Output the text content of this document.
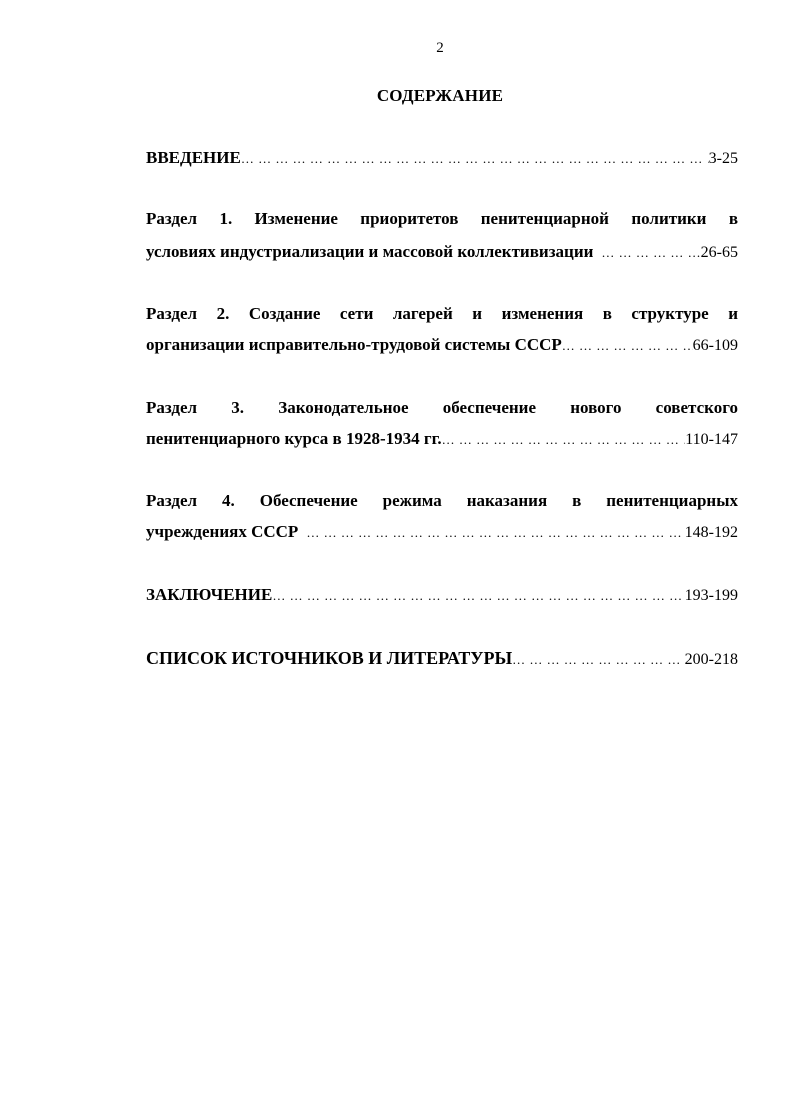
2
СОДЕРЖАНИЕ
ВВЕДЕНИЕ … … … … … … … … … … … … … … … … … … … … … … … … … … … … … … … … … … … … … … … … … … … …	3-25
Раздел 1. Изменение приоритетов пенитенциарной политики в
условиях индустриализации и массовой коллективизации … … … … … … … … … … … … … … … … … … … … … … … … … … … … … … … … … … … … … … … … … … … …	26-65
Раздел 2. Создание сети лагерей и изменения в структуре и
организации исправительно-трудовой системы СССР … … … … … … … … … … … … … … … … … … … … … … … … … … … … … … … … … … … … … … … … … … … …	66-109
Раздел 3. Законодательное обеспечение нового советского
пенитенциарного курса в 1928-1934 гг. … … … … … … … … … … … … … … … … … … … … … … … … … … … … … … … … … … … … … … … … … … … …	110-147
Раздел 4. Обеспечение режима наказания в пенитенциарных
учреждениях СССР … … … … … … … … … … … … … … … … … … … … … … … … … … … … … … … … … … … … … … … … … … … …	148-192
ЗАКЛЮЧЕНИЕ … … … … … … … … … … … … … … … … … … … … … … … … … … … … … … … … … … … … … … … … … … … …	193-199
СПИСОК ИСТОЧНИКОВ И ЛИТЕРАТУРЫ … … … … … … … … … … … … … … … … … … … … … … … … … … … … … … … … … … … … … … … … … … … …	200-218
